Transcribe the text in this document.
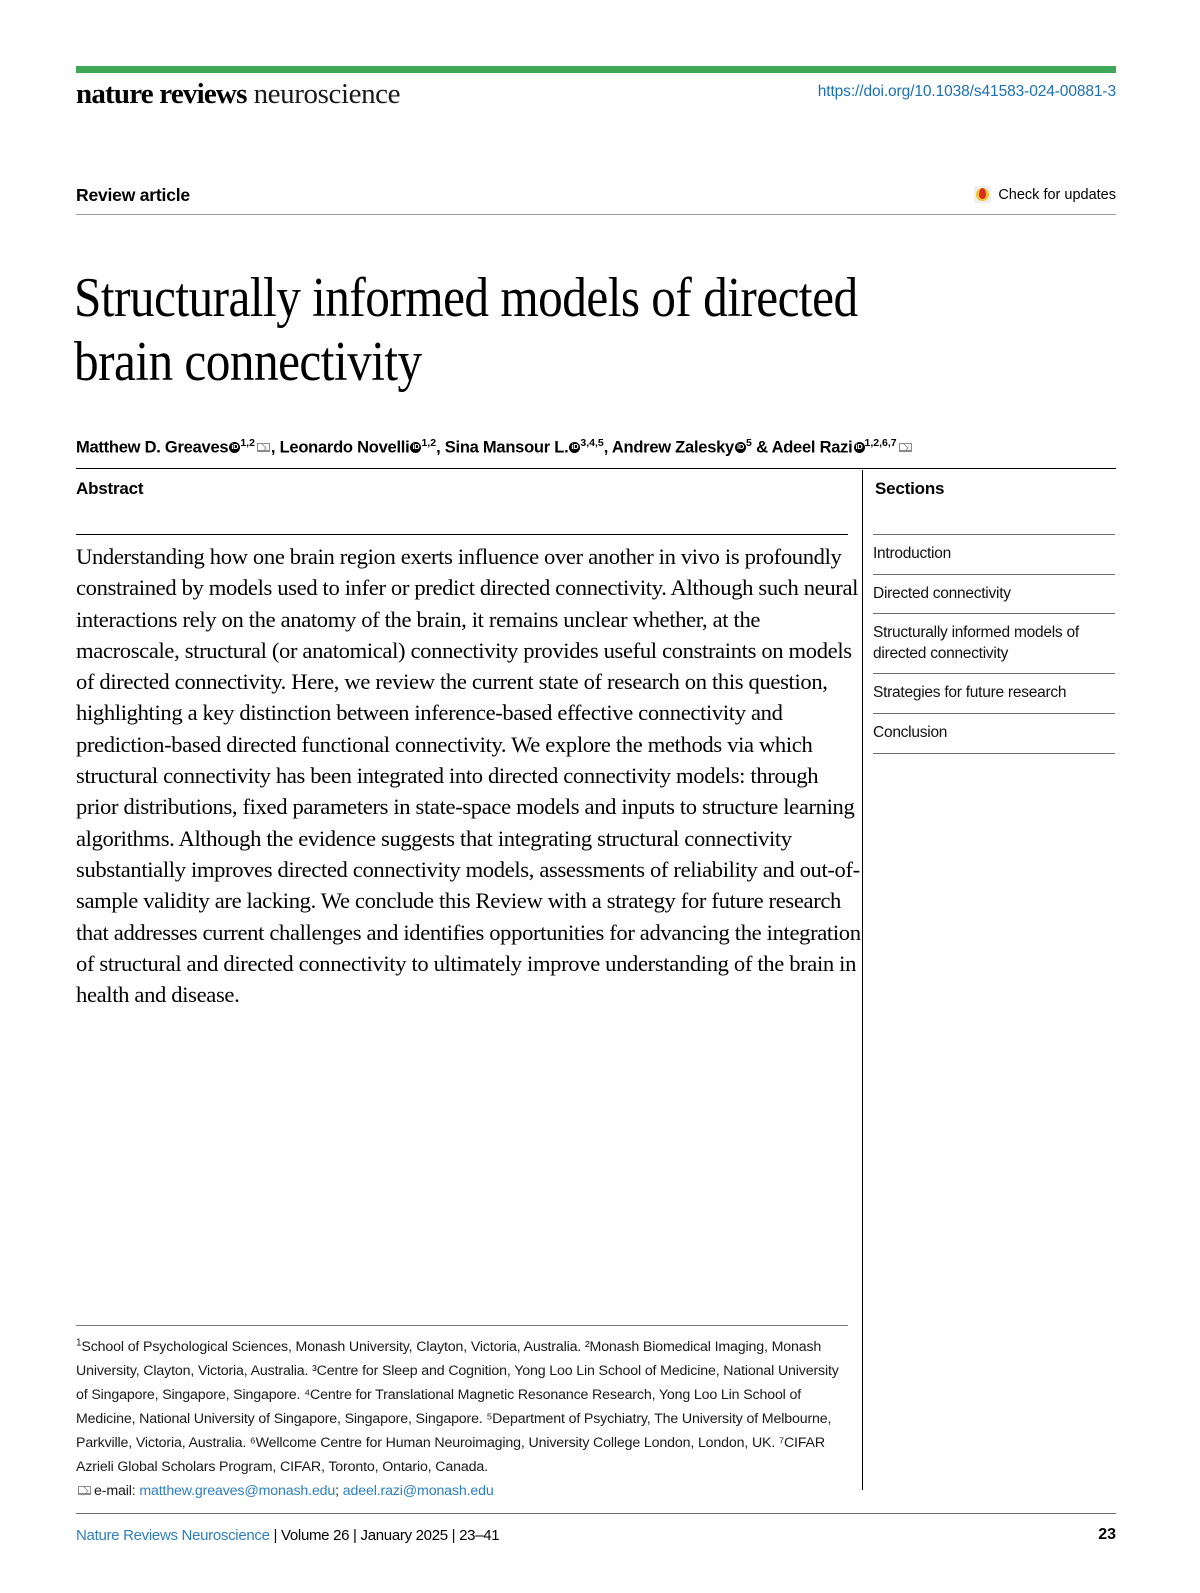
nature reviews neuroscience	https://doi.org/10.1038/s41583-024-00881-3
Review article	Check for updates
Structurally informed models of directed brain connectivity
Matthew D. Greaves iD $^{1,2}$ , Leonardo Novelli iD $^{1,2}$, Sina Mansour L. iD $^{3,4,5}$, Andrew Zalesky iD $^5$ & Adeel Razi iD $^{1,2,6,7}$
Abstract
Understanding how one brain region exerts influence over another in vivo is profoundly constrained by models used to infer or predict directed connectivity. Although such neural interactions rely on the anatomy of the brain, it remains unclear whether, at the macroscale, structural (or anatomical) connectivity provides useful constraints on models of directed connectivity. Here, we review the current state of research on this question, highlighting a key distinction between inference-based effective connectivity and prediction-based directed functional connectivity. We explore the methods via which structural connectivity has been integrated into directed connectivity models: through prior distributions, fixed parameters in state-space models and inputs to structure learning algorithms. Although the evidence suggests that integrating structural connectivity substantially improves directed connectivity models, assessments of reliability and out-of-sample validity are lacking. We conclude this Review with a strategy for future research that addresses current challenges and identifies opportunities for advancing the integration of structural and directed connectivity to ultimately improve understanding of the brain in health and disease.
Sections
Introduction
Directed connectivity
Structurally informed models of directed connectivity
Strategies for future research
Conclusion
$^1$School of Psychological Sciences, Monash University, Clayton, Victoria, Australia. ²Monash Biomedical Imaging, Monash University, Clayton, Victoria, Australia. ³Centre for Sleep and Cognition, Yong Loo Lin School of Medicine, National University of Singapore, Singapore, Singapore. ⁴Centre for Translational Magnetic Resonance Research, Yong Loo Lin School of Medicine, National University of Singapore, Singapore, Singapore. ⁵Department of Psychiatry, The University of Melbourne, Parkville, Victoria, Australia. ⁶Wellcome Centre for Human Neuroimaging, University College London, London, UK. ⁷CIFAR Azrieli Global Scholars Program, CIFAR, Toronto, Ontario, Canada.
e-mail: matthew.greaves@monash.edu; adeel.razi@monash.edu
Nature Reviews Neuroscience | Volume 26 | January 2025 | 23–41	23
